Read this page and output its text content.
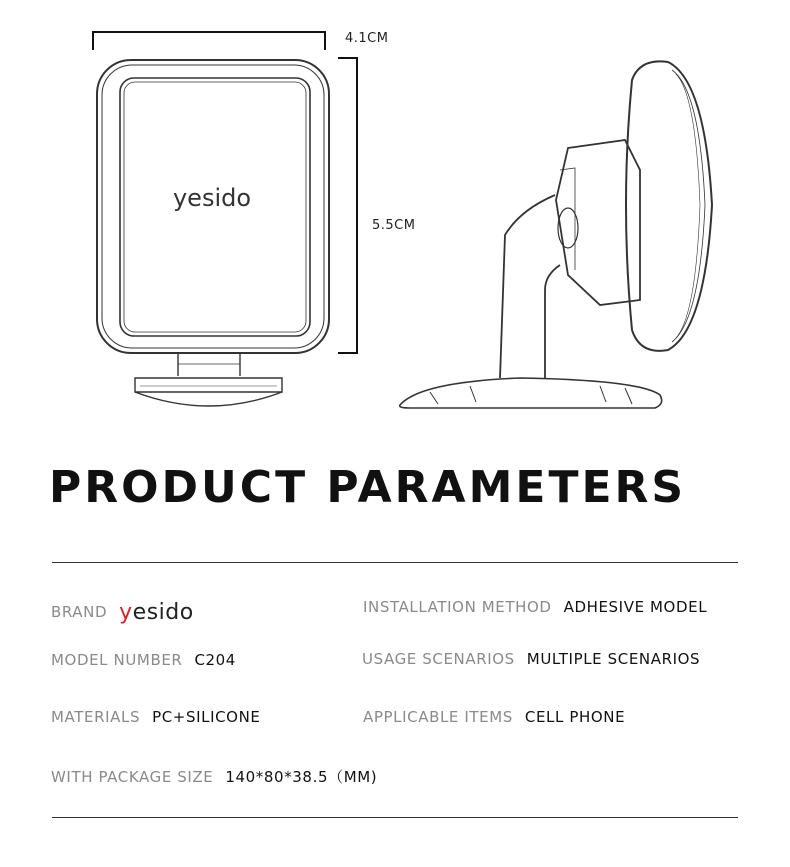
yesido
4.1CM
5.5CM
PRODUCT PARAMETERS
BRAND yesido
MODEL NUMBER C204
MATERIALS PC+SILICONE
WITH PACKAGE SIZE 140*80*38.5（MM)
INSTALLATION METHOD ADHESIVE MODEL
USAGE SCENARIOS MULTIPLE SCENARIOS
APPLICABLE ITEMS CELL PHONE
